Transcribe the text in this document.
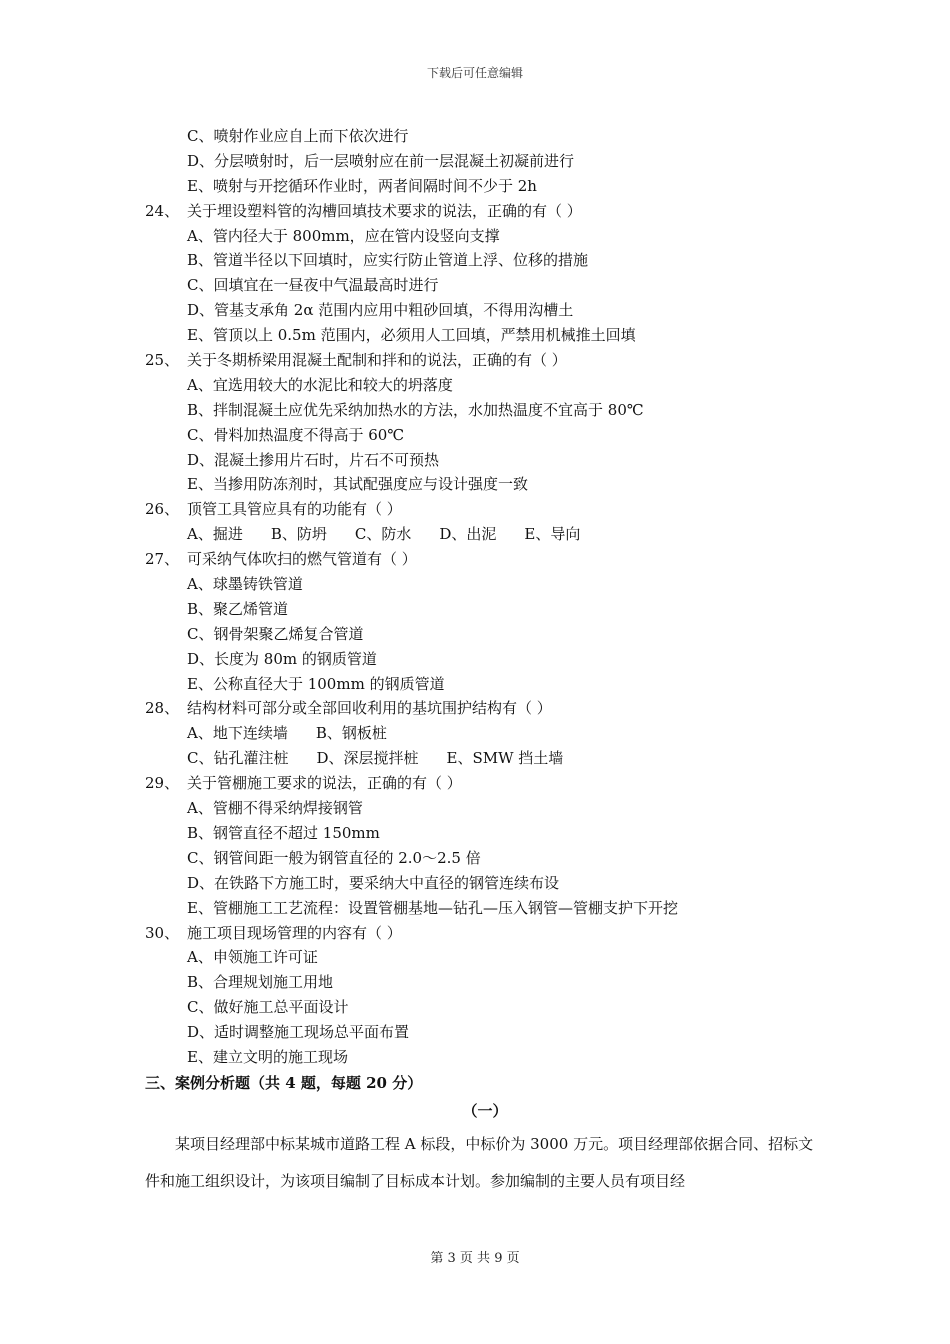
下载后可任意编辑
C、喷射作业应自上而下依次进行
D、分层喷射时，后一层喷射应在前一层混凝土初凝前进行
E、喷射与开挖循环作业时，两者间隔时间不少于 2h
24、 关于埋设塑料管的沟槽回填技术要求的说法，正确的有（ ）
A、管内径大于 800mm，应在管内设竖向支撑
B、管道半径以下回填时，应实行防止管道上浮、位移的措施
C、回填宜在一昼夜中气温最高时进行
D、管基支承角 2α 范围内应用中粗砂回填，不得用沟槽土
E、管顶以上 0.5m 范围内，必须用人工回填，严禁用机械推土回填
25、 关于冬期桥梁用混凝土配制和拌和的说法，正确的有（ ）
A、宜选用较大的水泥比和较大的坍落度
B、拌制混凝土应优先采纳加热水的方法，水加热温度不宜高于 80℃
C、骨料加热温度不得高于 60℃
D、混凝土掺用片石时，片石不可预热
E、当掺用防冻剂时，其试配强度应与设计强度一致
26、 顶管工具管应具有的功能有（ ）
A、掘进 B、防坍 C、防水 D、出泥 E、导向
27、 可采纳气体吹扫的燃气管道有（ ）
A、球墨铸铁管道
B、聚乙烯管道
C、钢骨架聚乙烯复合管道
D、长度为 80m 的钢质管道
E、公称直径大于 100mm 的钢质管道
28、 结构材料可部分或全部回收利用的基坑围护结构有（ ）
A、地下连续墙 B、钢板桩
C、钻孔灌注桩 D、深层搅拌桩 E、SMW 挡土墙
29、 关于管棚施工要求的说法，正确的有（ ）
A、管棚不得采纳焊接钢管
B、钢管直径不超过 150mm
C、钢管间距一般为钢管直径的 2.0～2.5 倍
D、在铁路下方施工时，要采纳大中直径的钢管连续布设
E、管棚施工工艺流程：设置管棚基地—钻孔—压入钢管—管棚支护下开挖
30、 施工项目现场管理的内容有（ ）
A、申领施工许可证
B、合理规划施工用地
C、做好施工总平面设计
D、适时调整施工现场总平面布置
E、建立文明的施工现场
三、案例分析题（共 4 题，每题 20 分）
（一）
某项目经理部中标某城市道路工程 A 标段，中标价为 3000 万元。项目经理部依据合同、招标文件和施工组织设计，为该项目编制了目标成本计划。参加编制的主要人员有项目经
第 3 页 共 9 页
